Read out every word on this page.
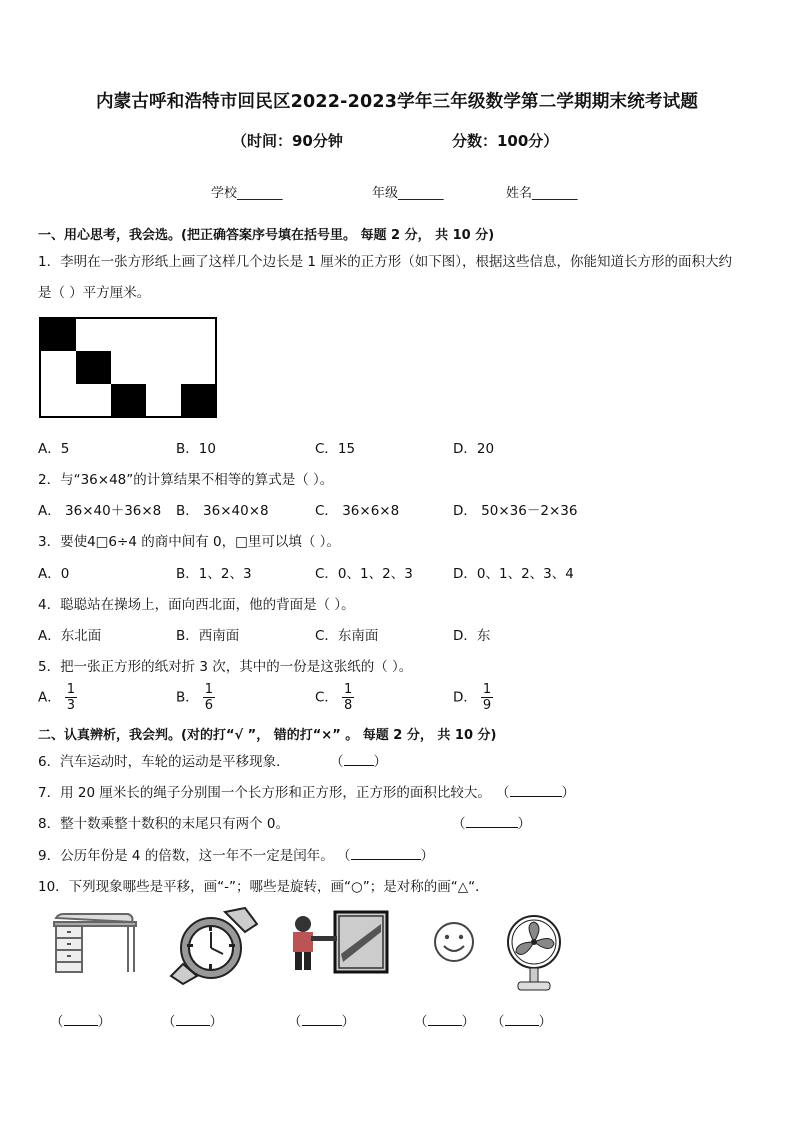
内蒙古呼和浩特市回民区2022-2023学年三年级数学第二学期期末统考试题
（时间：90分钟	分数：100分）
学校_______	年级_______	姓名_______
一、用心思考，我会选。(把正确答案序号填在括号里。 每题 2 分， 共 10 分)
1．李明在一张方形纸上画了这样几个边长是 1 厘米的正方形（如下图），根据这些信息，你能知道长方形的面积大约
是（ ）平方厘米。
A．5	B．10	C．15	D．20
2．与“36×48”的计算结果不相等的算式是（ ）。
A． 36×40＋36×8 B． 36×40×8	C． 36×6×8	D． 50×36－2×36
3．要使4□6÷4 的商中间有 0，□里可以填（ ）。
A．0	B．1、2、3	C．0、1、2、3	D．0、1、2、3、4
4．聪聪站在操场上，面向西北面，他的背面是（ ）。
A．东北面	B．西南面	C．东南面	D．东
5．把一张正方形的纸对折 3 次，其中的一份是这张纸的（ ）。
A． $\frac{1}{3}$	B． $\frac{1}{6}$	C． $\frac{1}{8}$	D． $\frac{1}{9}$
二、认真辨析，我会判。(对的打“√ ”， 错的打“×” 。 每题 2 分， 共 10 分)
6．汽车运动时，车轮的运动是平移现象．	（ ）
7．用 20 厘米长的绳子分别围一个长方形和正方形，正方形的面积比较大。 （	）
8．整十数乘整十数积的末尾只有两个 0。	（	）
9．公历年份是 4 的倍数，这一年不一定是闰年。 （	）
10．下列现象哪些是平移，画“-”；哪些是旋转，画“○”；是对称的画“△“．
（	）	（	）	（	）	（	） （	）
